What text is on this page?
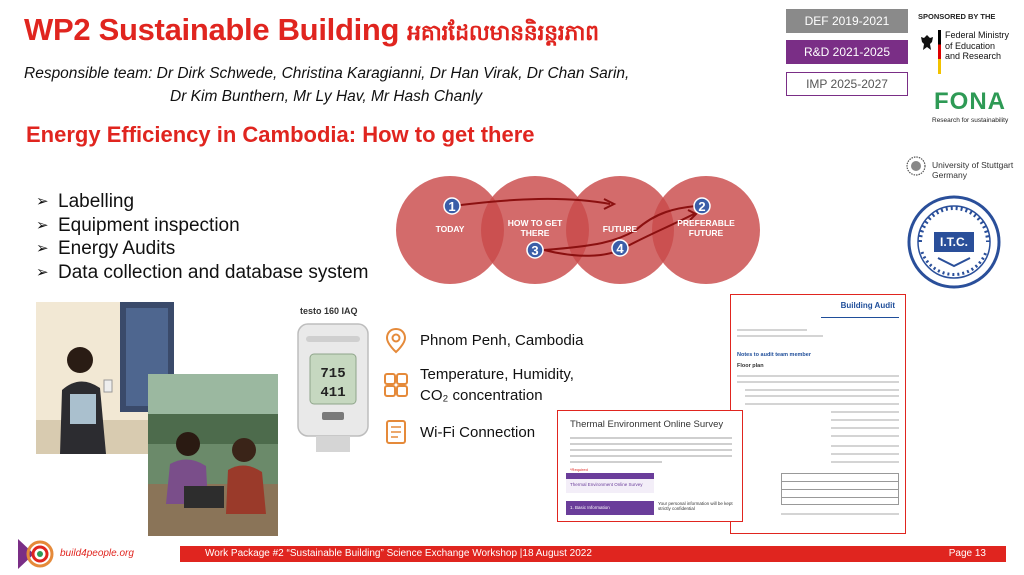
WP2 Sustainable Building អគារដែលមាននិរន្តរភាព
Responsible team: Dr Dirk Schwede, Christina Karagianni, Dr Han Virak, Dr Chan Sarin,
Dr Kim Bunthern, Mr Ly Hav, Mr Hash Chanly
Energy Efficiency in Cambodia: How to get there
DEF 2019-2021
R&D 2021-2025
IMP 2025-2027
SPONSORED BY THE
Federal Ministry
of Education
and Research
FONA
Research for sustainability
University of Stuttgart
Germany
I.T.C.
➢ Labelling
➢ Equipment inspection
➢ Energy Audits
➢ Data collection and database system
TODAY
HOW TO GET
THERE	FUTURE
PREFERABLE
FUTURE
1	2
3	4
testo 160 IAQ
715
411
Phnom Penh, Cambodia
Temperature, Humidity,
CO₂ concentration
Wi-Fi Connection
Building Audit
Notes to audit team member
Floor plan
Thermal Environment Online Survey
*Required
Thermal Environment Online Survey
1. Basic Information
Your personal information will be kept strictly confidential
build4people.org	Work Package #2 “Sustainable Building” Science Exchange Workshop |18 August 2022	Page 13
